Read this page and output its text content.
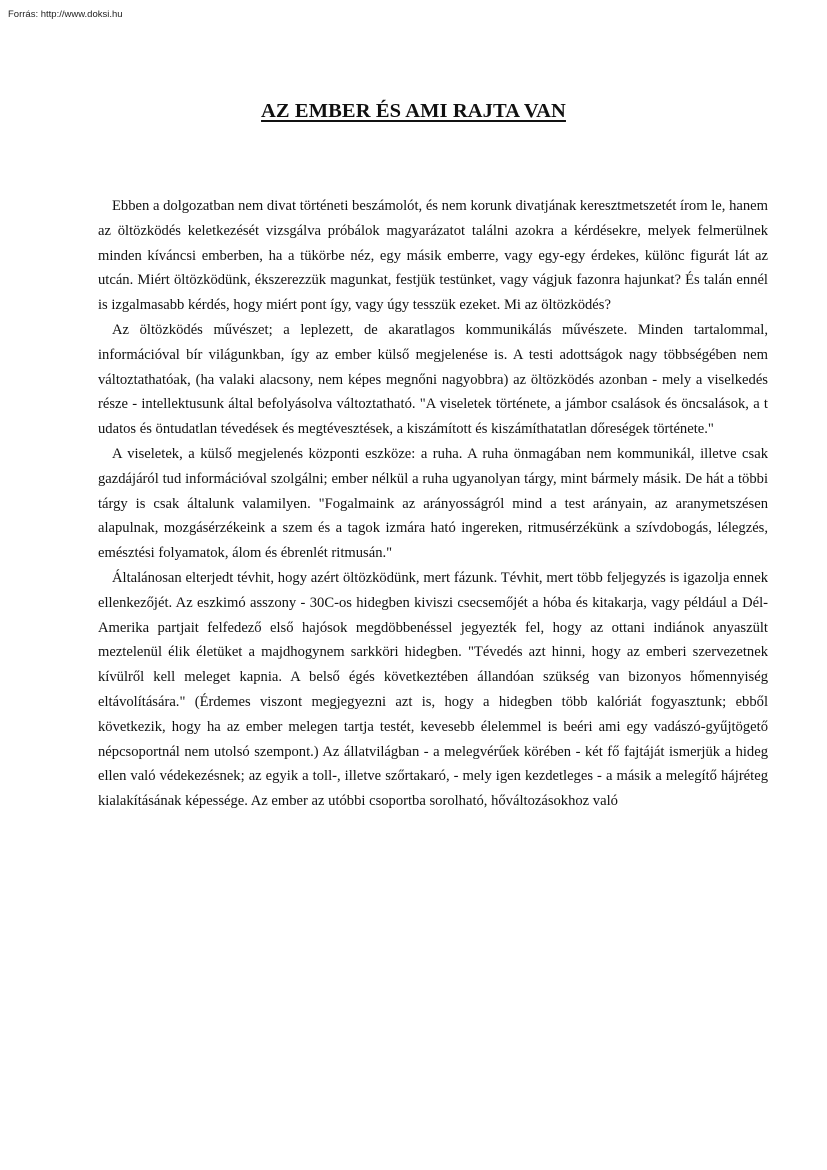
Forrás: http://www.doksi.hu
AZ EMBER ÉS AMI RAJTA VAN

Ebben a dolgozatban nem divat történeti beszámolót, és nem korunk divatjának keresztmetszetét írom le, hanem az öltözködés keletkezését vizsgálva próbálok magyarázatot találni azokra a kérdésekre, melyek felmerülnek minden kíváncsi emberben, ha a tükörbe néz, egy másik emberre, vagy egy-egy érdekes, különc figurát lát az utcán. Miért öltözködünk, ékszerezzük magunkat, festjük testünket, vagy vágjuk fazonra hajunkat? És talán ennél is izgalmasabb kérdés, hogy miért pont így, vagy úgy tesszük ezeket. Mi az öltözködés?

Az öltözködés művészet; a leplezett, de akaratlagos kommunikálás művészete. Minden tartalommal, információval bír világunkban, így az ember külső megjelenése is. A testi adottságok nagy többségében nem változtathatóak, (ha valaki alacsony, nem képes megnőni nagyobbra) az öltözködés azonban - mely a viselkedés része - intellektusunk által befolyásolva változtatható. "A viseletek története, a jámbor csalások és öncsalások, a t udatos és öntudatlan tévedések és megtévesztések, a kiszámított és kiszámíthatatlan dőreségek története."

A viseletek, a külső megjelenés központi eszköze: a ruha. A ruha önmagában nem kommunikál, illetve csak gazdájáról tud információval szolgálni; ember nélkül a ruha ugyanolyan tárgy, mint bármely másik. De hát a többi tárgy is csak általunk valamilyen. "Fogalmaink az arányosságról mind a test arányain, az aranymetszésen alapulnak, mozgásérzékeink a szem és a tagok izmára ható ingereken, ritmusérzékünk a szívdobogás, lélegzés, emésztési folyamatok, álom és ébrenlét ritmusán."

Általánosan elterjedt tévhit, hogy azért öltözködünk, mert fázunk. Tévhit, mert több feljegyzés is igazolja ennek ellenkezőjét. Az eszkimó asszony - 30C-os hidegben kiviszi csecsemőjét a hóba és kitakarja, vagy például a Dél-Amerika partjait felfedező első hajósok megdöbbenéssel jegyezték fel, hogy az ottani indiánok anyaszült meztelenül élik életüket a majdhogynem sarkköri hidegben. "Tévedés azt hinni, hogy az emberi szervezetnek kívülről kell meleget kapnia. A belső égés következtében állandóan szükség van bizonyos hőmennyiség eltávolítására." (Érdemes viszont megjegyezni azt is, hogy a hidegben több kalóriát fogyasztunk; ebből következik, hogy ha az ember melegen tartja testét, kevesebb élelemmel is beéri ami egy vadászó-gyűjtögető népcsoportnál nem utolsó szempont.) Az állatvilágban - a melegvérűek körében - két fő fajtáját ismerjük a hideg ellen való védekezésnek; az egyik a toll-, illetve szőrtakaró, - mely igen kezdetleges - a másik a melegítő hájréteg kialakításának képessége. Az ember az utóbbi csoportba sorolható, hőváltozásokhoz való
